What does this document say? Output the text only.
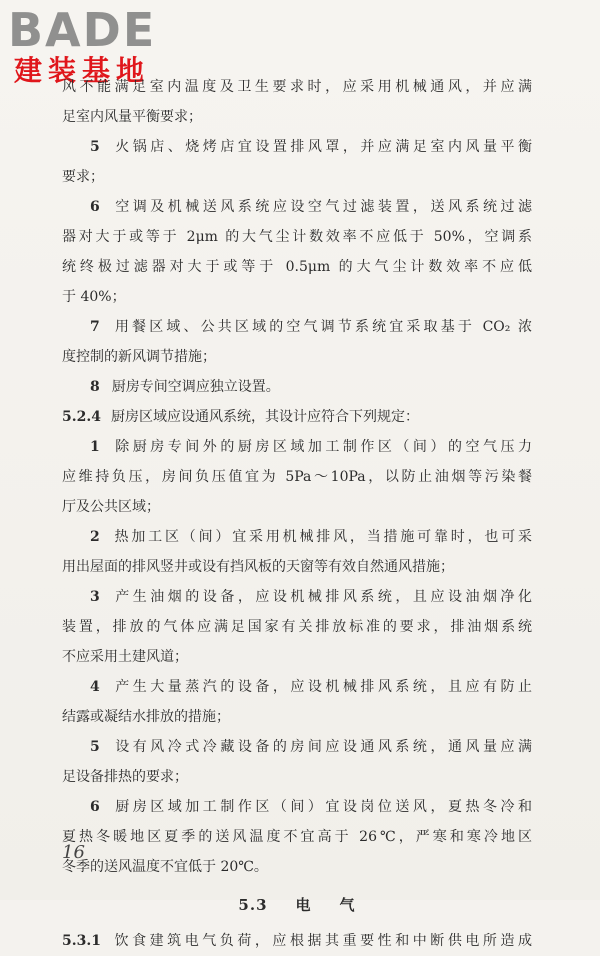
BADE
建装基地
风不能满足室内温度及卫生要求时，应采用机械通风，并应满
足室内风量平衡要求；
5 火锅店、烧烤店宜设置排风罩，并应满足室内风量平衡
要求；
6 空调及机械送风系统应设空气过滤装置，送风系统过滤
器对大于或等于 2μm 的大气尘计数效率不应低于 50%，空调系
统终极过滤器对大于或等于 0.5μm 的大气尘计数效率不应低
于 40%；
7 用餐区域、公共区域的空气调节系统宜采取基于 CO₂ 浓
度控制的新风调节措施；
8 厨房专间空调应独立设置。
5.2.4 厨房区域应设通风系统，其设计应符合下列规定：
1 除厨房专间外的厨房区域加工制作区（间）的空气压力
应维持负压，房间负压值宜为 5Pa～10Pa，以防止油烟等污染餐
厅及公共区域；
2 热加工区（间）宜采用机械排风，当措施可靠时，也可采
用出屋面的排风竖井或设有挡风板的天窗等有效自然通风措施；
3 产生油烟的设备，应设机械排风系统，且应设油烟净化
装置，排放的气体应满足国家有关排放标准的要求，排油烟系统
不应采用土建风道；
4 产生大量蒸汽的设备，应设机械排风系统，且应有防止
结露或凝结水排放的措施；
5 设有风冷式冷藏设备的房间应设通风系统，通风量应满
足设备排热的要求；
6 厨房区域加工制作区（间）宜设岗位送风，夏热冬冷和
夏热冬暖地区夏季的送风温度不宜高于 26℃，严寒和寒冷地区
冬季的送风温度不宜低于 20℃。
5.3 电 气
5.3.1 饮食建筑电气负荷，应根据其重要性和中断供电所造成
16
